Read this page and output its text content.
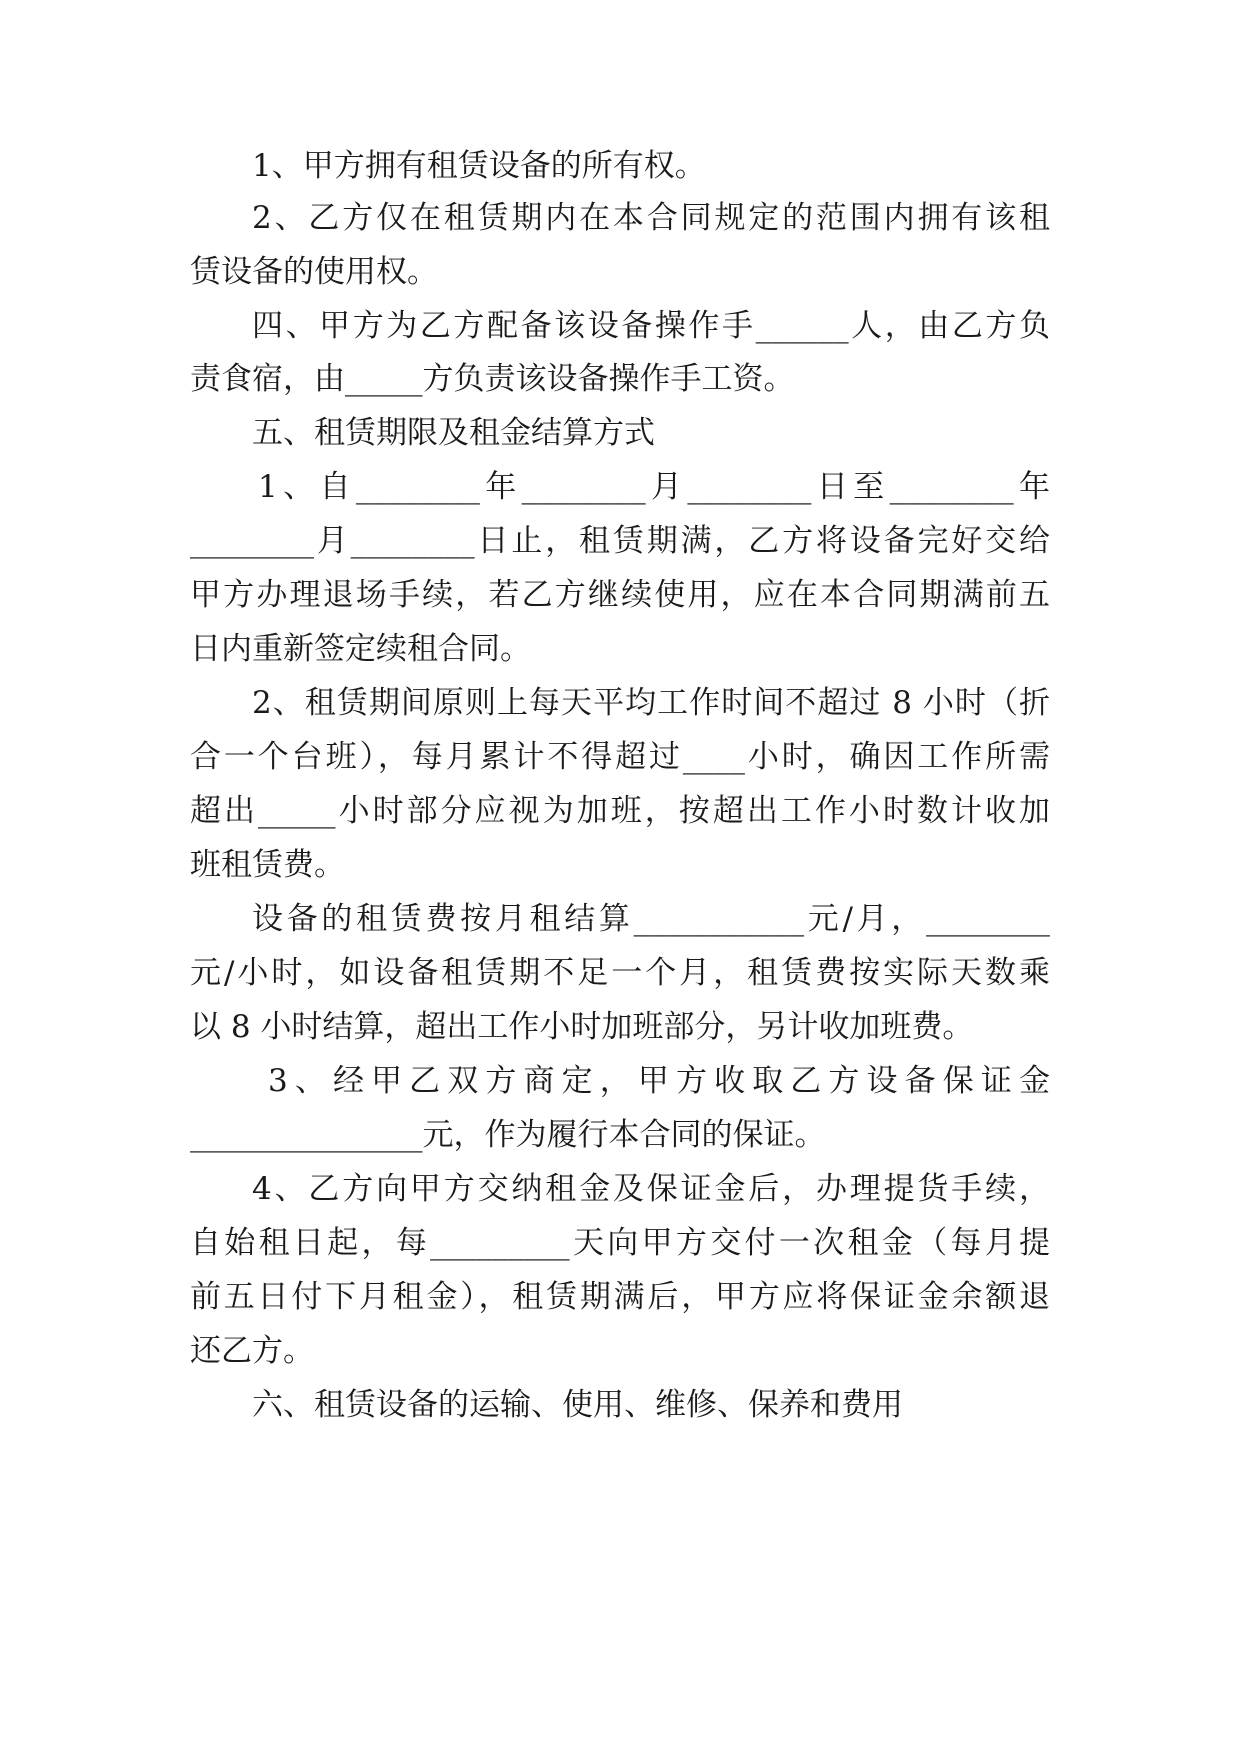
1、甲方拥有租赁设备的所有权。
2、乙方仅在租赁期内在本合同规定的范围内拥有该租
赁设备的使用权。
四、甲方为乙方配备该设备操作手______人，由乙方负
责食宿，由_____方负责该设备操作手工资。
五、租赁期限及租金结算方式
1、自________年________月________日至________年
________月________日止，租赁期满，乙方将设备完好交给
甲方办理退场手续，若乙方继续使用，应在本合同期满前五
日内重新签定续租合同。
2、租赁期间原则上每天平均工作时间不超过 8 小时（折
合一个台班），每月累计不得超过____小时，确因工作所需
超出_____小时部分应视为加班，按超出工作小时数计收加
班租赁费。
设备的租赁费按月租结算___________元/月，________
元/小时，如设备租赁期不足一个月，租赁费按实际天数乘
以 8 小时结算，超出工作小时加班部分，另计收加班费。
3、经甲乙双方商定，甲方收取乙方设备保证金
_______________元，作为履行本合同的保证。
4、乙方向甲方交纳租金及保证金后，办理提货手续，
自始租日起，每_________天向甲方交付一次租金（每月提
前五日付下月租金），租赁期满后，甲方应将保证金余额退
还乙方。
六、租赁设备的运输、使用、维修、保养和费用
